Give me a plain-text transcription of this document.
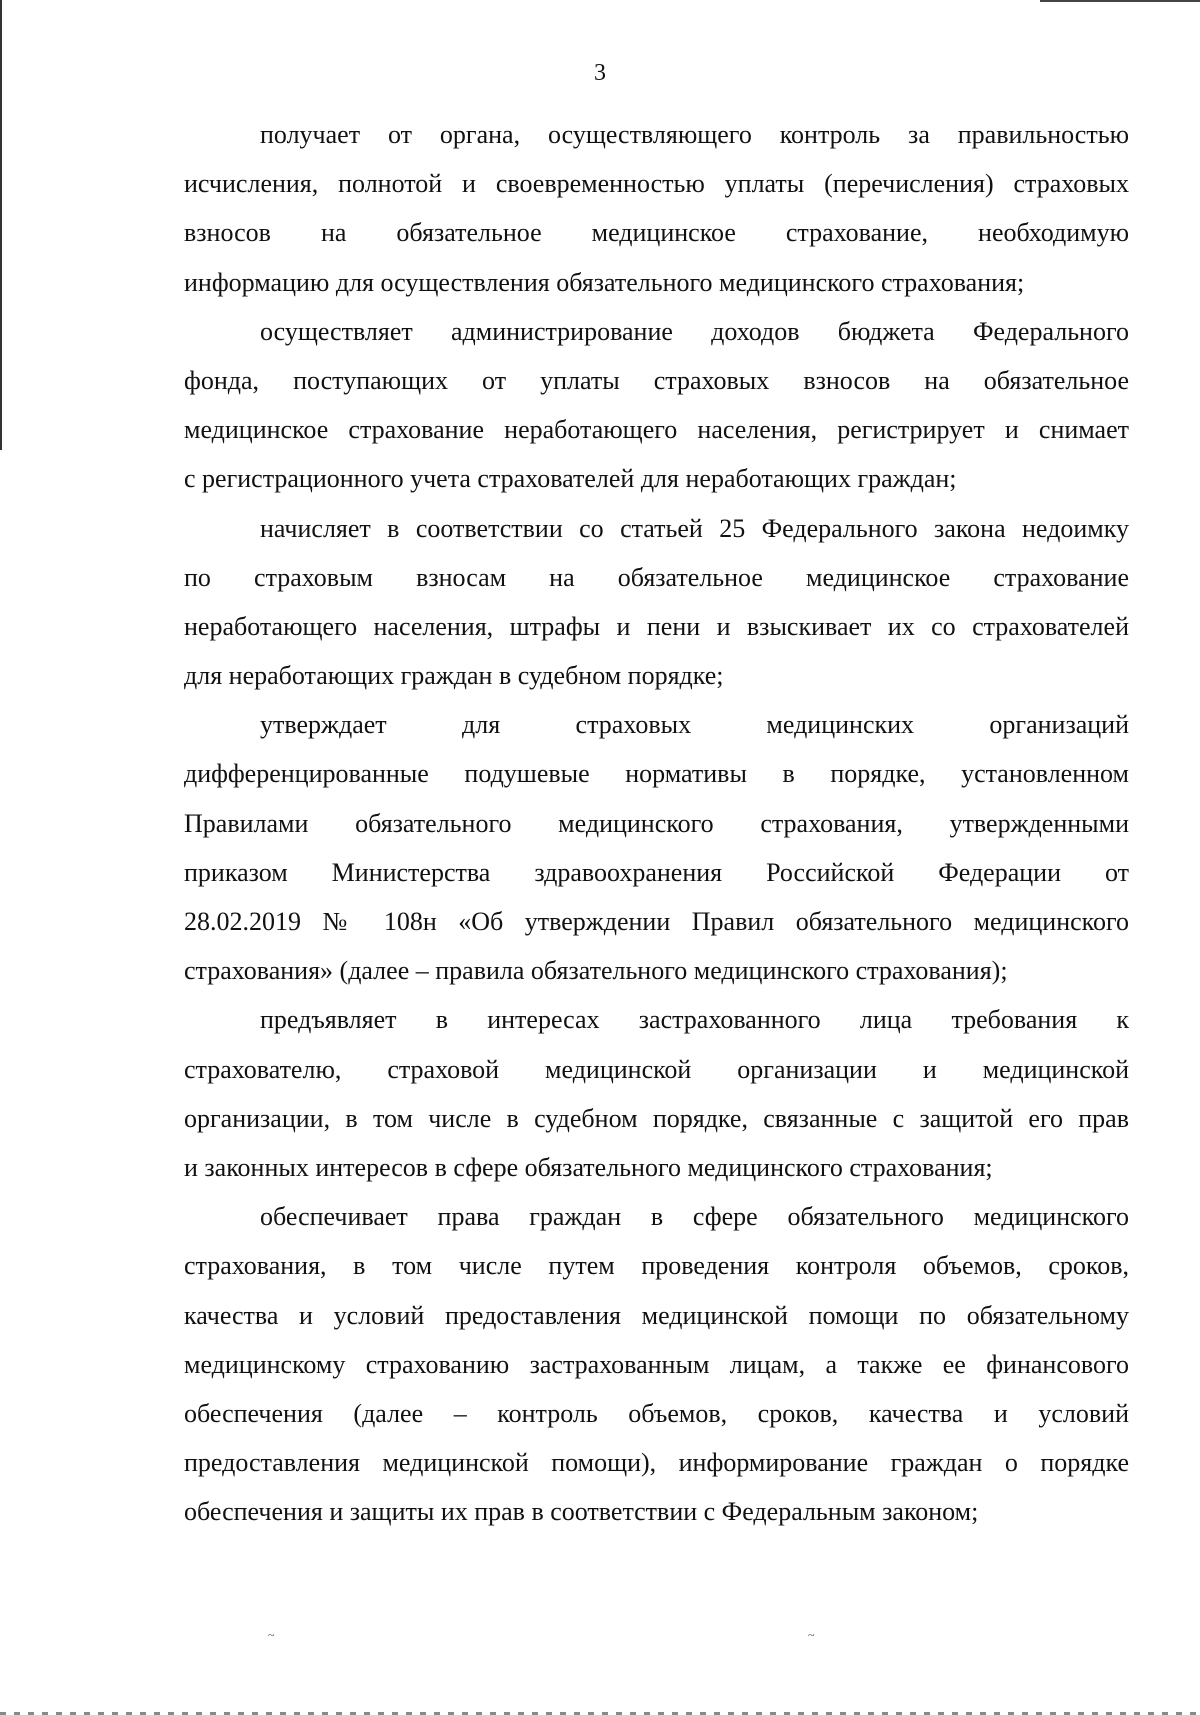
~	~
3
получает от органа, осуществляющего контроль за правильностью
исчисления, полнотой и своевременностью уплаты (перечисления) страховых
взносов на обязательное медицинское страхование, необходимую
информацию для осуществления обязательного медицинского страхования;
осуществляет администрирование доходов бюджета Федерального
фонда, поступающих от уплаты страховых взносов на обязательное
медицинское страхование неработающего населения, регистрирует и снимает
с регистрационного учета страхователей для неработающих граждан;
начисляет в соответствии со статьей 25 Федерального закона недоимку
по страховым взносам на обязательное медицинское страхование
неработающего населения, штрафы и пени и взыскивает их со страхователей
для неработающих граждан в судебном порядке;
утверждает для страховых медицинских организаций
дифференцированные подушевые нормативы в порядке, установленном
Правилами обязательного медицинского страхования, утвержденными
приказом Министерства здравоохранения Российской Федерации от
28.02.2019 № 108н «Об утверждении Правил обязательного медицинского
страхования» (далее – правила обязательного медицинского страхования);
предъявляет в интересах застрахованного лица требования к
страхователю, страховой медицинской организации и медицинской
организации, в том числе в судебном порядке, связанные с защитой его прав
и законных интересов в сфере обязательного медицинского страхования;
обеспечивает права граждан в сфере обязательного медицинского
страхования, в том числе путем проведения контроля объемов, сроков,
качества и условий предоставления медицинской помощи по обязательному
медицинскому страхованию застрахованным лицам, а также ее финансового
обеспечения (далее – контроль объемов, сроков, качества и условий
предоставления медицинской помощи), информирование граждан о порядке
обеспечения и защиты их прав в соответствии с Федеральным законом;
